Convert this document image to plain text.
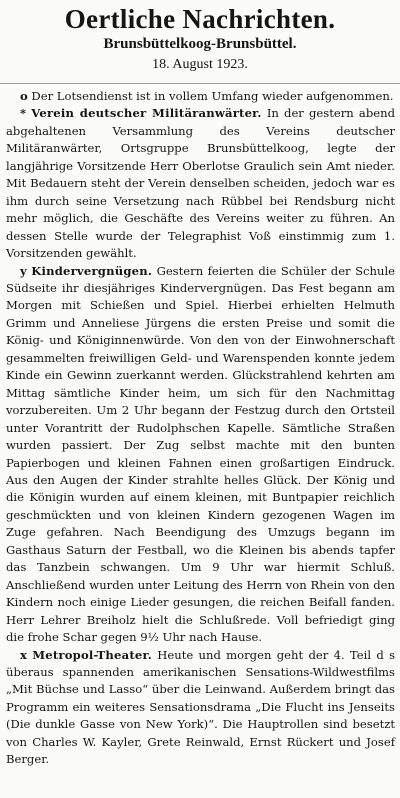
Oertliche Nachrichten.
Brunsbüttelkoog-Brunsbüttel.
18. August 1923.

o Der Lotsendienst ist in vollem Umfang wieder aufgenommen.

* Verein deutscher Militäranwärter. In der gestern abend abgehaltenen Versammlung des Vereins deutscher Militäranwärter, Ortsgruppe Brunsbüttelkoog, legte der langjährige Vorsitzende Herr Oberlotse Graulich sein Amt nieder. Mit Bedauern steht der Verein denselben scheiden, jedoch war es ihm durch seine Versetzung nach Rübbel bei Rendsburg nicht mehr möglich, die Geschäfte des Vereins weiter zu führen. An dessen Stelle wurde der Telegraphist Voß einstimmig zum 1. Vorsitzenden gewählt.

y Kindervergnügen. Gestern feierten die Schüler der Schule Südseite ihr diesjähriges Kindervergnügen. Das Fest begann am Morgen mit Schießen und Spiel. Hierbei erhielten Helmuth Grimm und Anneliese Jürgens die ersten Preise und somit die König- und Königinnenwürde. Von den von der Einwohnerschaft gesammelten freiwilligen Geld- und Warenspenden konnte jedem Kinde ein Gewinn zuerkannt werden. Glückstrahlend kehrten am Mittag sämtliche Kinder heim, um sich für den Nachmittag vorzubereiten. Um 2 Uhr begann der Festzug durch den Ortsteil unter Vorantritt der Rudolphschen Kapelle. Sämtliche Straßen wurden passiert. Der Zug selbst machte mit den bunten Papierbogen und kleinen Fahnen einen großartigen Eindruck. Aus den Augen der Kinder strahlte helles Glück. Der König und die Königin wurden auf einem kleinen, mit Buntpapier reichlich geschmückten und von kleinen Kindern gezogenen Wagen im Zuge gefahren. Nach Beendigung des Umzugs begann im Gasthaus Saturn der Festball, wo die Kleinen bis abends tapfer das Tanzbein schwangen. Um 9 Uhr war hiermit Schluß. Anschließend wurden unter Leitung des Herrn von Rhein von den Kindern noch einige Lieder gesungen, die reichen Beifall fanden. Herr Lehrer Breiholz hielt die Schlußrede. Voll befriedigt ging die frohe Schar gegen 9½ Uhr nach Hause.

x Metropol-Theater. Heute und morgen geht der 4. Teil d s überaus spannenden amerikanischen Sensations-Wildwestfilms „Mit Büchse und Lasso“ über die Leinwand. Außerdem bringt das Programm ein weiteres Sensationsdrama „Die Flucht ins Jenseits (Die dunkle Gasse von New York)“. Die Hauptrollen sind besetzt von Charles W. Kayler, Grete Reinwald, Ernst Rückert und Josef Berger.
